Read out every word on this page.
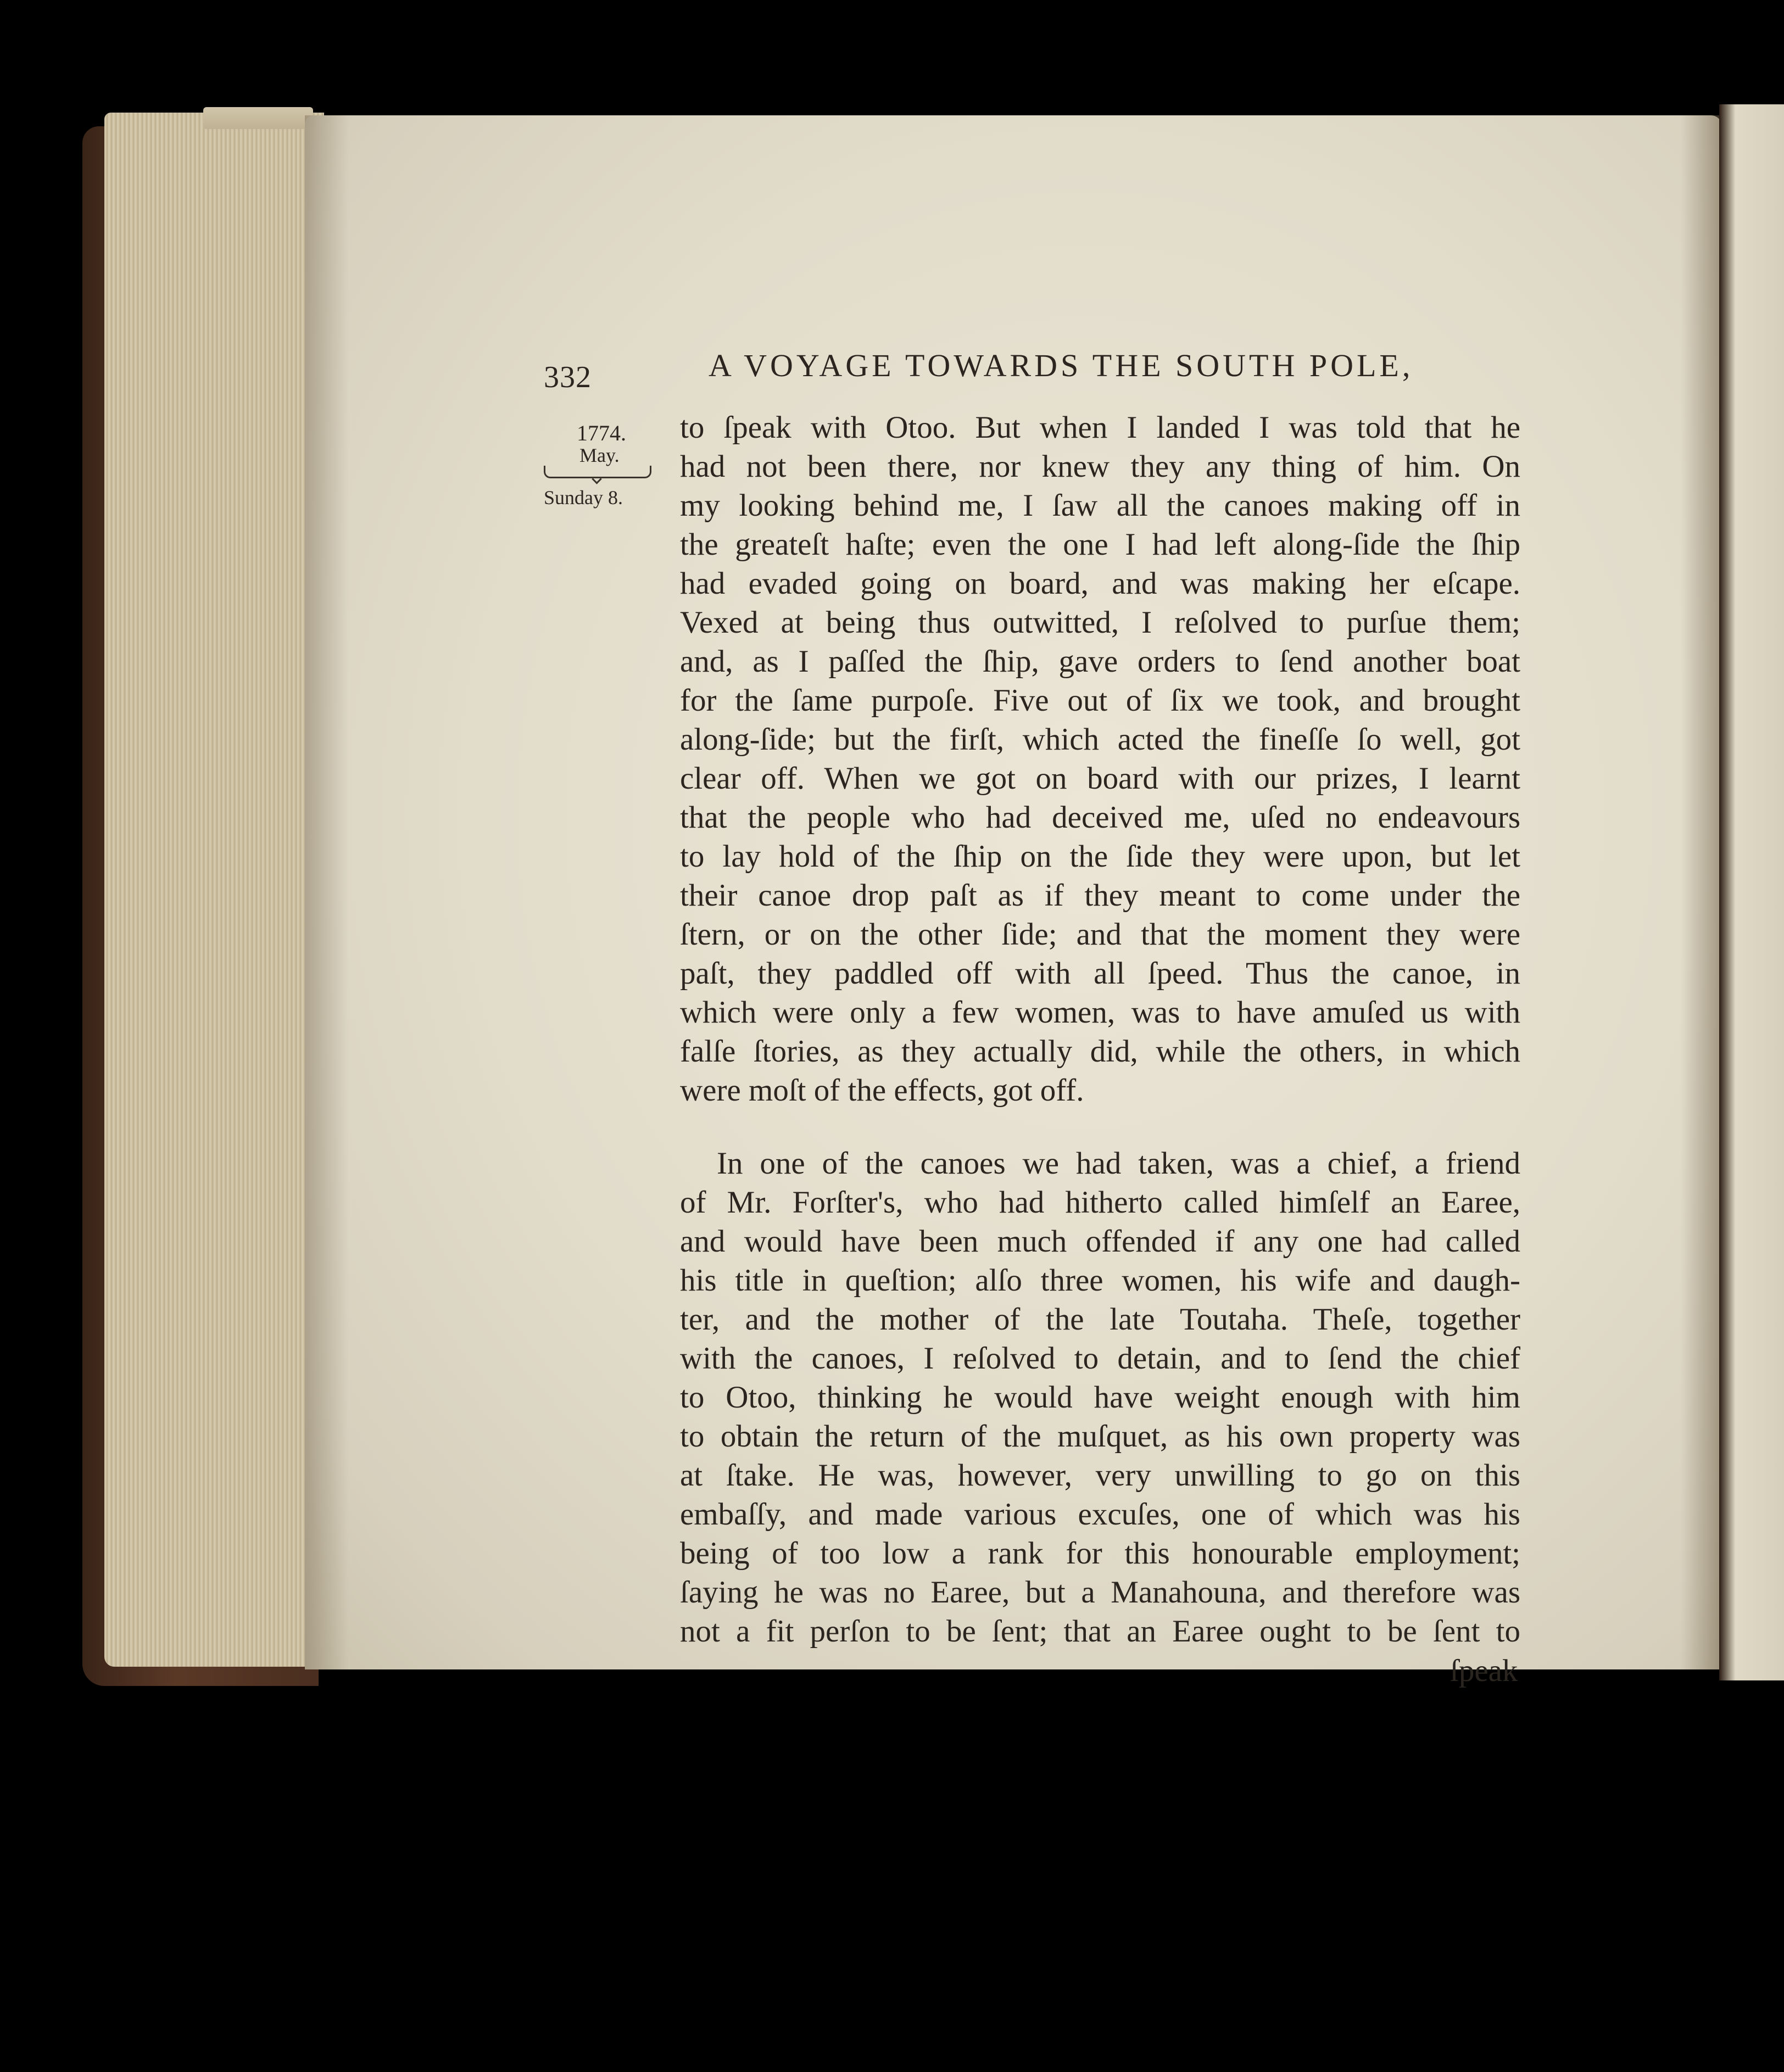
332	A VOYAGE TOWARDS THE SOUTH POLE,
1774.
May.
Sunday 8.
to ſpeak with Otoo. But when I landed I was told that he
had not been there, nor knew they any thing of him. On
my looking behind me, I ſaw all the canoes making off in
the greateſt haſte; even the one I had left along-ſide the ſhip
had evaded going on board, and was making her eſcape.
Vexed at being thus outwitted, I reſolved to purſue them;
and, as I paſſed the ſhip, gave orders to ſend another boat
for the ſame purpoſe. Five out of ſix we took, and brought
along-ſide; but the firſt, which acted the fineſſe ſo well, got
clear off. When we got on board with our prizes, I learnt
that the people who had deceived me, uſed no endeavours
to lay hold of the ſhip on the ſide they were upon, but let
their canoe drop paſt as if they meant to come under the
ſtern, or on the other ſide; and that the moment they were
paſt, they paddled off with all ſpeed. Thus the canoe, in
which were only a few women, was to have amuſed us with
falſe ſtories, as they actually did, while the others, in which
were moſt of the effects, got off.
In one of the canoes we had taken, was a chief, a friend
of Mr. Forſter's, who had hitherto called himſelf an Earee,
and would have been much offended if any one had called
his title in queſtion; alſo three women, his wife and daugh-
ter, and the mother of the late Toutaha. Theſe, together
with the canoes, I reſolved to detain, and to ſend the chief
to Otoo, thinking he would have weight enough with him
to obtain the return of the muſquet, as his own property was
at ſtake. He was, however, very unwilling to go on this
embaſſy, and made various excuſes, one of which was his
being of too low a rank for this honourable employment;
ſaying he was no Earee, but a Manahouna, and therefore was
not a fit perſon to be ſent; that an Earee ought to be ſent to
ſpeak
